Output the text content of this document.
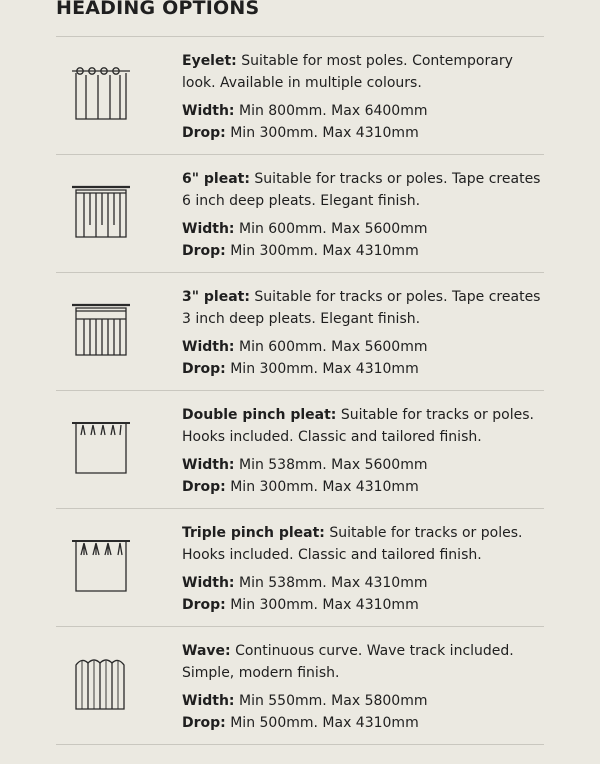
HEADING OPTIONS

Eyelet: Suitable for most poles. Contemporary look. Available in multiple colours.

Width: Min 800mm. Max 6400mm

Drop: Min 300mm. Max 4310mm

6" pleat: Suitable for tracks or poles. Tape creates 6 inch deep pleats. Elegant finish.

Width: Min 600mm. Max 5600mm

Drop: Min 300mm. Max 4310mm

3" pleat: Suitable for tracks or poles. Tape creates 3 inch deep pleats. Elegant finish.

Width: Min 600mm. Max 5600mm

Drop: Min 300mm. Max 4310mm

Double pinch pleat: Suitable for tracks or poles. Hooks included. Classic and tailored finish.

Width: Min 538mm. Max 5600mm

Drop: Min 300mm. Max 4310mm

Triple pinch pleat: Suitable for tracks or poles. Hooks included. Classic and tailored finish.

Width: Min 538mm. Max 4310mm

Drop: Min 300mm. Max 4310mm

Wave: Continuous curve. Wave track included. Simple, modern finish.

Width: Min 550mm. Max 5800mm

Drop: Min 500mm. Max 4310mm
